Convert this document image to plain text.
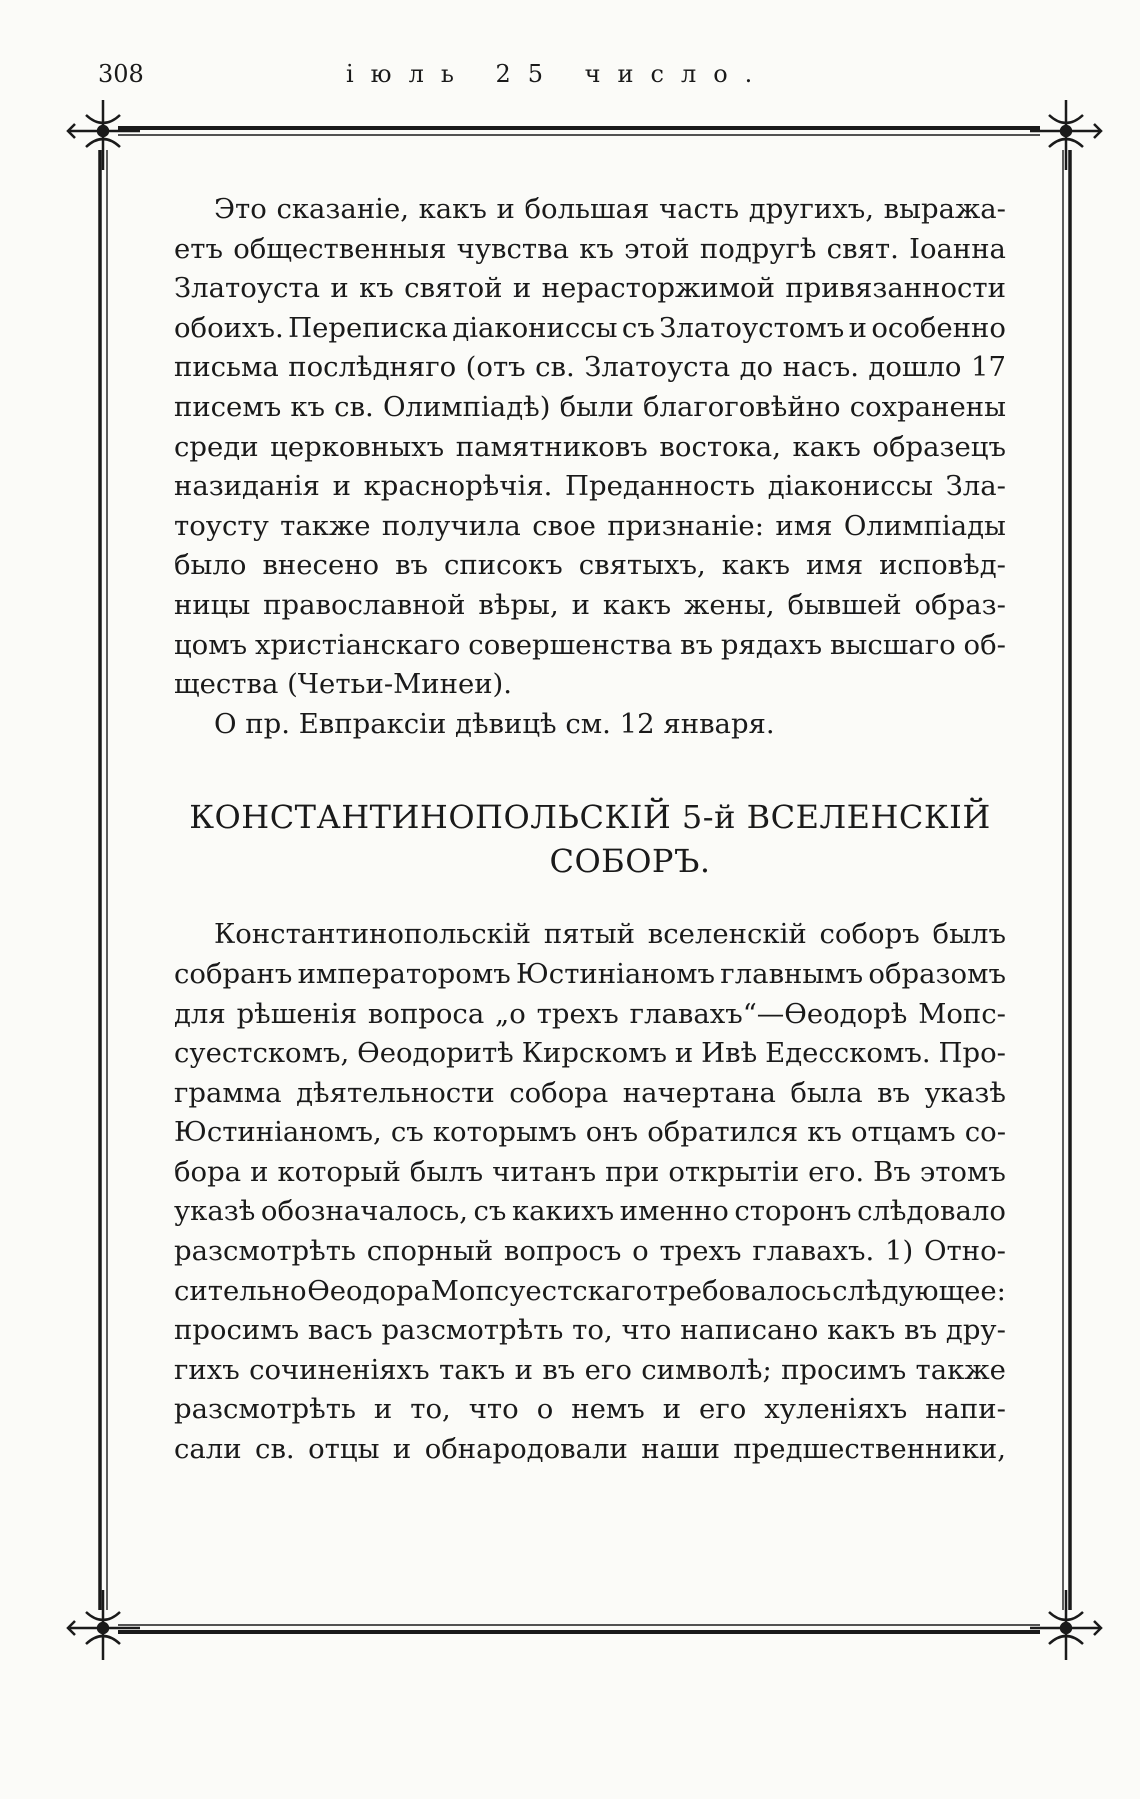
308	іюль 25 число.
Это сказаніе, какъ и большая часть другихъ, выража-
етъ общественныя чувства къ этой подругѣ свят. Іоанна
Златоуста и къ святой и нерасторжимой привязанности
обоихъ. Переписка діакониссы съ Златоустомъ и особенно
письма послѣдняго (отъ св. Златоуста до насъ. дошло 17
писемъ къ св. Олимпіадѣ) были благоговѣйно сохранены
среди церковныхъ памятниковъ востока, какъ образецъ
назиданія и краснорѣчія. Преданность діакониссы Зла-
тоусту также получила свое признаніе: имя Олимпіады
было внесено въ списокъ святыхъ, какъ имя исповѣд-
ницы православной вѣры, и какъ жены, бывшей образ-
цомъ христіанскаго совершенства въ рядахъ высшаго об-
щества (Четьи-Минеи).
О пр. Евпраксіи дѣвицѣ см. 12 января.
КОНСТАНТИНОПОЛЬСКІЙ 5-й ВСЕЛЕНСКІЙ
СОБОРЪ.
Константинопольскій пятый вселенскій соборъ былъ
собранъ императоромъ Юстиніаномъ главнымъ образомъ
для рѣшенія вопроса „о трехъ главахъ“—Ѳеодорѣ Мопс-
суестскомъ, Ѳеодоритѣ Кирскомъ и Ивѣ Едесскомъ. Про-
грамма дѣятельности собора начертана была въ указѣ
Юстиніаномъ, съ которымъ онъ обратился къ отцамъ со-
бора и который былъ читанъ при открытіи его. Въ этомъ
указѣ обозначалось, съ какихъ именно сторонъ слѣдовало
разсмотрѣть спорный вопросъ о трехъ главахъ. 1) Отно-
сительно Ѳеодора Мопсуестскаго требовалось слѣдующее:
просимъ васъ разсмотрѣть то, что написано какъ въ дру-
гихъ сочиненіяхъ такъ и въ его символѣ; просимъ также
разсмотрѣть и то, что о немъ и его хуленіяхъ напи-
сали св. отцы и обнародовали наши предшественники,
